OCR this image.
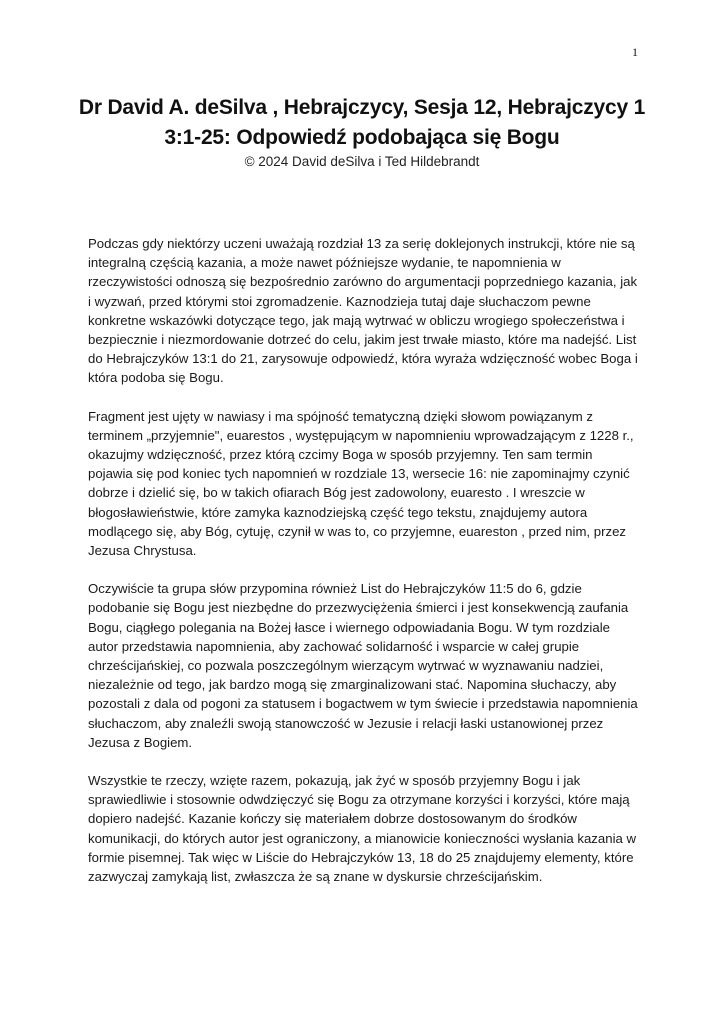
1
Dr David A. deSilva , Hebrajczycy, Sesja 12, Hebrajczycy 1 3:1-25: Odpowiedź podobająca się Bogu

© 2024 David deSilva i Ted Hildebrandt

Podczas gdy niektórzy uczeni uważają rozdział 13 za serię doklejonych instrukcji, które nie są integralną częścią kazania, a może nawet późniejsze wydanie, te napomnienia w rzeczywistości odnoszą się bezpośrednio zarówno do argumentacji poprzedniego kazania, jak i wyzwań, przed którymi stoi zgromadzenie. Kaznodzieja tutaj daje słuchaczom pewne konkretne wskazówki dotyczące tego, jak mają wytrwać w obliczu wrogiego społeczeństwa i bezpiecznie i niezmordowanie dotrzeć do celu, jakim jest trwałe miasto, które ma nadejść. List do Hebrajczyków 13:1 do 21, zarysowuje odpowiedź, która wyraża wdzięczność wobec Boga i która podoba się Bogu.

Fragment jest ujęty w nawiasy i ma spójność tematyczną dzięki słowom powiązanym z terminem „przyjemnie", euarestos , występującym w napomnieniu wprowadzającym z 1228 r., okazujmy wdzięczność, przez którą czcimy Boga w sposób przyjemny. Ten sam termin pojawia się pod koniec tych napomnień w rozdziale 13, wersecie 16: nie zapominajmy czynić dobrze i dzielić się, bo w takich ofiarach Bóg jest zadowolony, euaresto . I wreszcie w błogosławieństwie, które zamyka kaznodziejską część tego tekstu, znajdujemy autora modlącego się, aby Bóg, cytuję, czynił w was to, co przyjemne, euareston , przed nim, przez Jezusa Chrystusa.

Oczywiście ta grupa słów przypomina również List do Hebrajczyków 11:5 do 6, gdzie podobanie się Bogu jest niezbędne do przezwyciężenia śmierci i jest konsekwencją zaufania Bogu, ciągłego polegania na Bożej łasce i wiernego odpowiadania Bogu. W tym rozdziale autor przedstawia napomnienia, aby zachować solidarność i wsparcie w całej grupie chrześcijańskiej, co pozwala poszczególnym wierzącym wytrwać w wyznawaniu nadziei, niezależnie od tego, jak bardzo mogą się zmarginalizowani stać. Napomina słuchaczy, aby pozostali z dala od pogoni za statusem i bogactwem w tym świecie i przedstawia napomnienia słuchaczom, aby znaleźli swoją stanowczość w Jezusie i relacji łaski ustanowionej przez Jezusa z Bogiem.

Wszystkie te rzeczy, wzięte razem, pokazują, jak żyć w sposób przyjemny Bogu i jak sprawiedliwie i stosownie odwdzięczyć się Bogu za otrzymane korzyści i korzyści, które mają dopiero nadejść. Kazanie kończy się materiałem dobrze dostosowanym do środków komunikacji, do których autor jest ograniczony, a mianowicie konieczności wysłania kazania w formie pisemnej. Tak więc w Liście do Hebrajczyków 13, 18 do 25 znajdujemy elementy, które zazwyczaj zamykają list, zwłaszcza że są znane w dyskursie chrześcijańskim.
